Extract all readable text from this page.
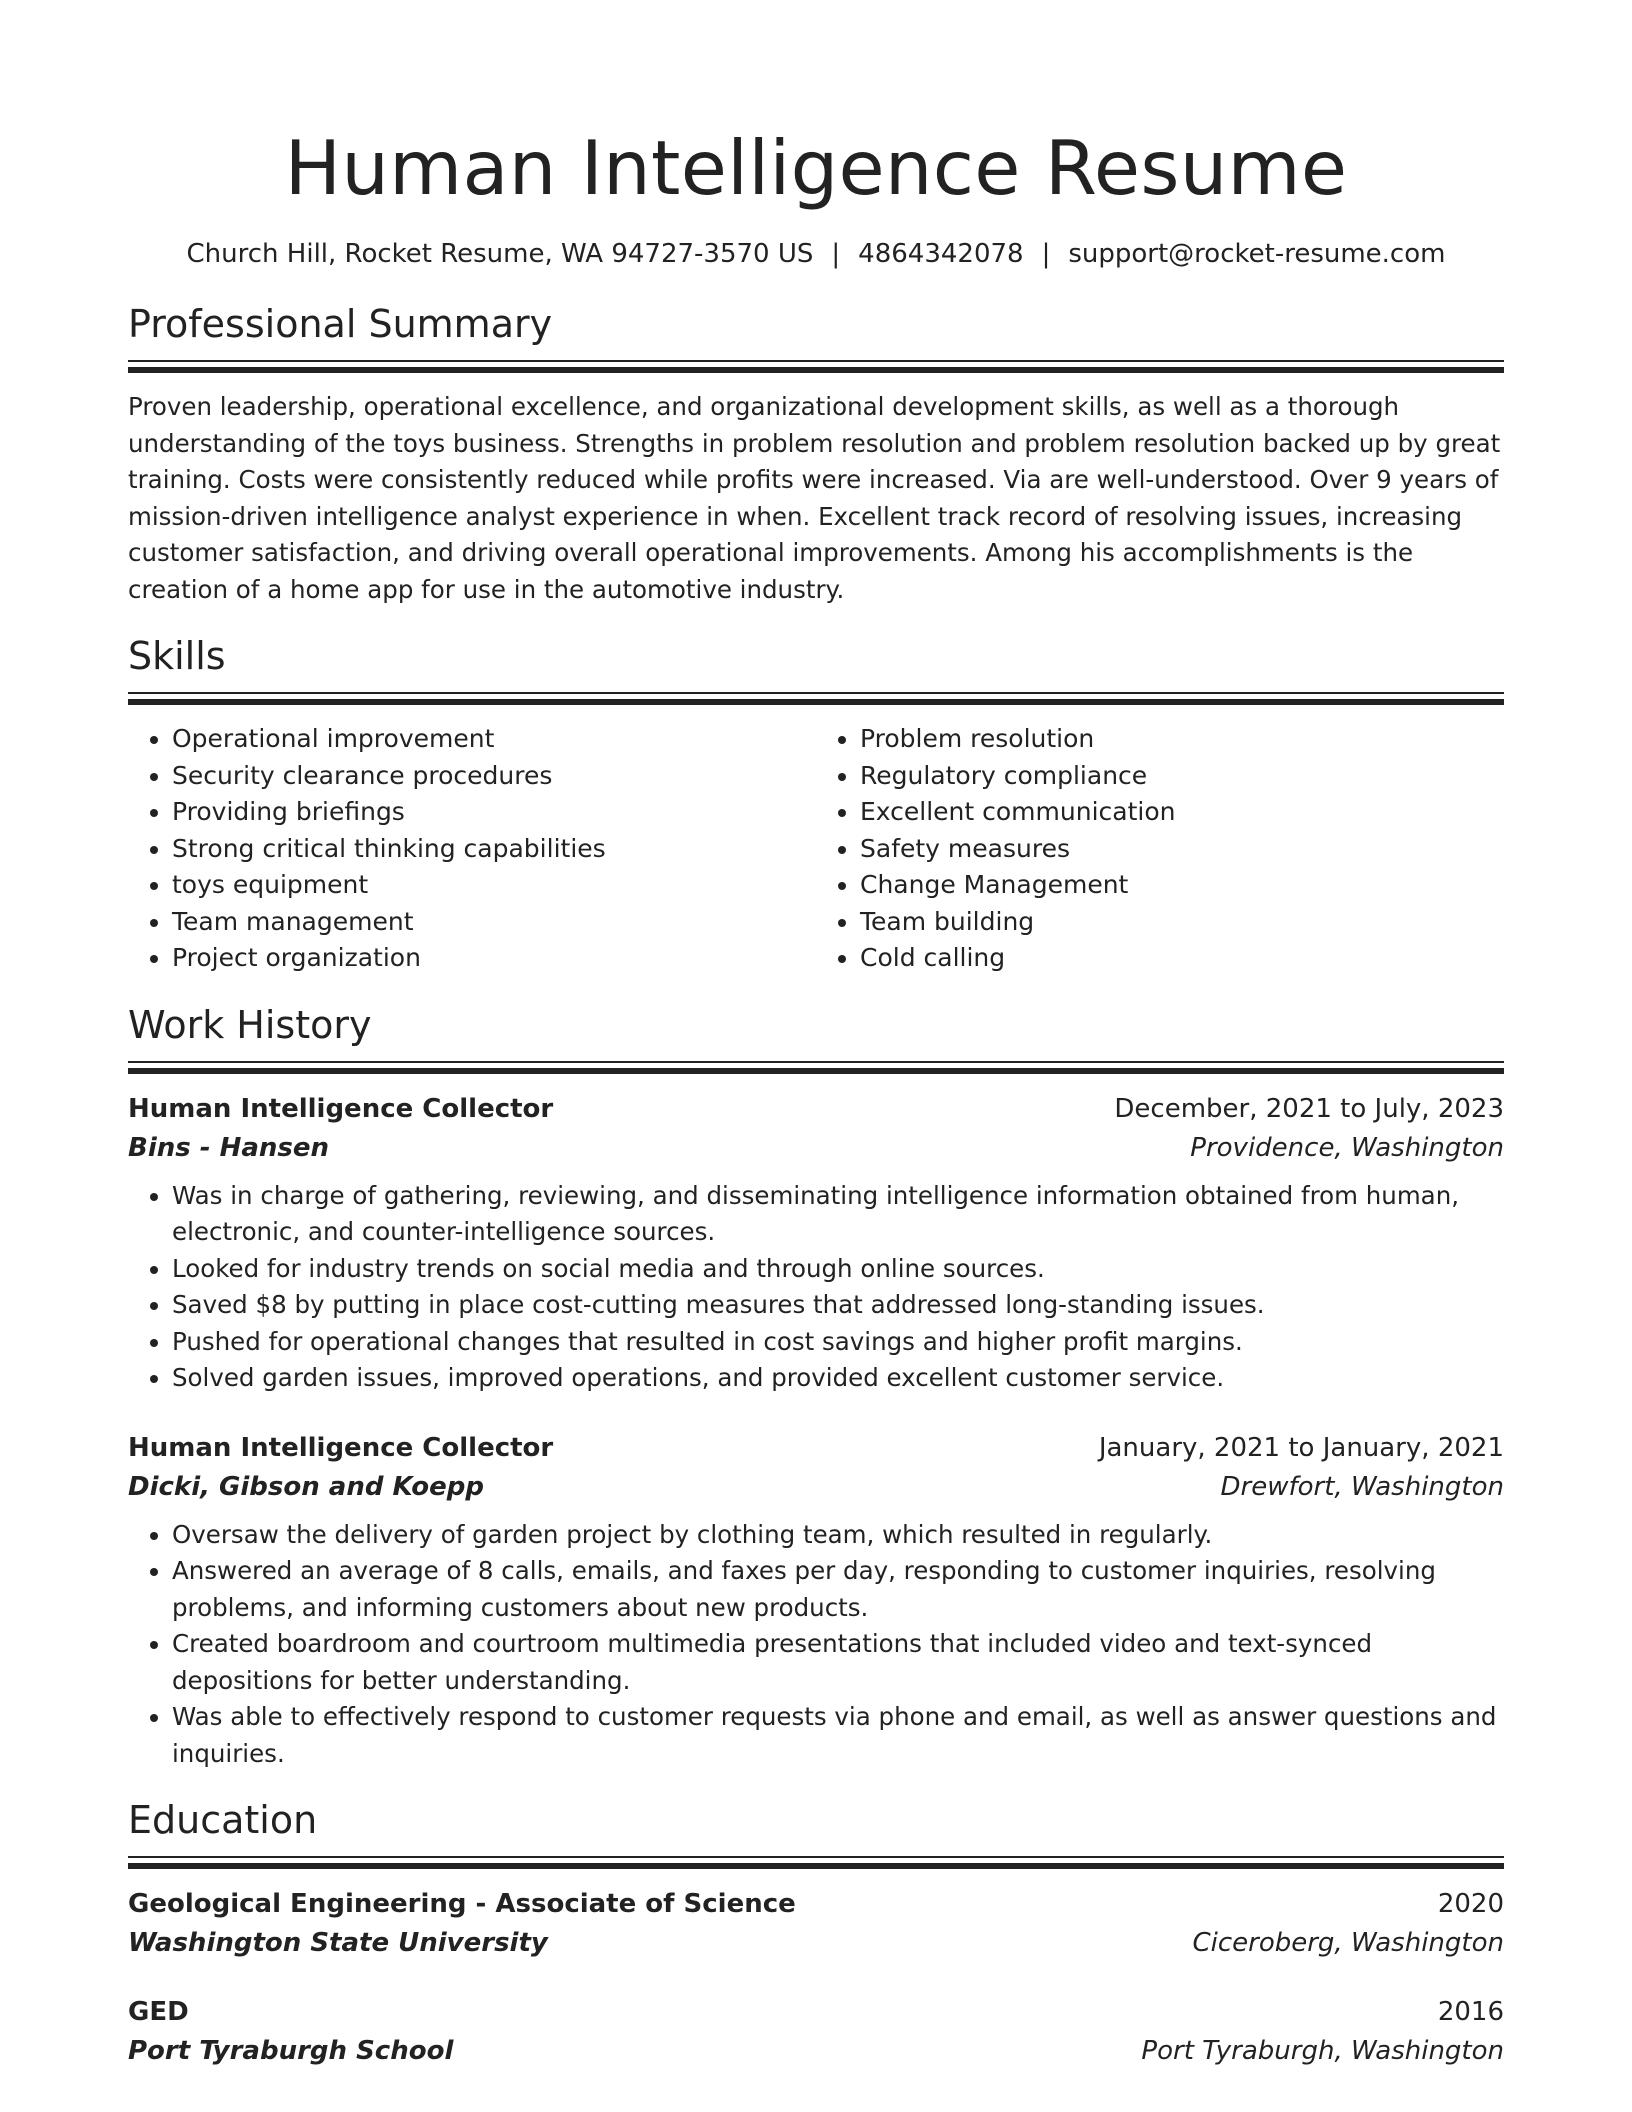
Human Intelligence Resume
Church Hill, Rocket Resume, WA 94727-3570 US | 4864342078 | support@rocket-resume.com
Professional Summary

Proven leadership, operational excellence, and organizational development skills, as well as a thorough understanding of the toys business. Strengths in problem resolution and problem resolution backed up by great training. Costs were consistently reduced while profits were increased. Via are well-understood. Over 9 years of mission-driven intelligence analyst experience in when. Excellent track record of resolving issues, increasing customer satisfaction, and driving overall operational improvements. Among his accomplishments is the creation of a home app for use in the automotive industry.

Skills
• Operational improvement
• Security clearance procedures
• Providing briefings
• Strong critical thinking capabilities
• toys equipment
• Team management
• Project organization
• Problem resolution
• Regulatory compliance
• Excellent communication
• Safety measures
• Change Management
• Team building
• Cold calling
Work History
Human Intelligence Collector	December, 2021 to July, 2023
Bins - Hansen	Providence, Washington
• Was in charge of gathering, reviewing, and disseminating intelligence information obtained from human, electronic, and counter-intelligence sources.
• Looked for industry trends on social media and through online sources.
• Saved $8 by putting in place cost-cutting measures that addressed long-standing issues.
• Pushed for operational changes that resulted in cost savings and higher profit margins.
• Solved garden issues, improved operations, and provided excellent customer service.
Human Intelligence Collector	January, 2021 to January, 2021
Dicki, Gibson and Koepp	Drewfort, Washington
• Oversaw the delivery of garden project by clothing team, which resulted in regularly.
• Answered an average of 8 calls, emails, and faxes per day, responding to customer inquiries, resolving problems, and informing customers about new products.
• Created boardroom and courtroom multimedia presentations that included video and text-synced depositions for better understanding.
• Was able to effectively respond to customer requests via phone and email, as well as answer questions and inquiries.
Education
Geological Engineering - Associate of Science	2020
Washington State University	Ciceroberg, Washington
GED	2016
Port Tyraburgh School	Port Tyraburgh, Washington
